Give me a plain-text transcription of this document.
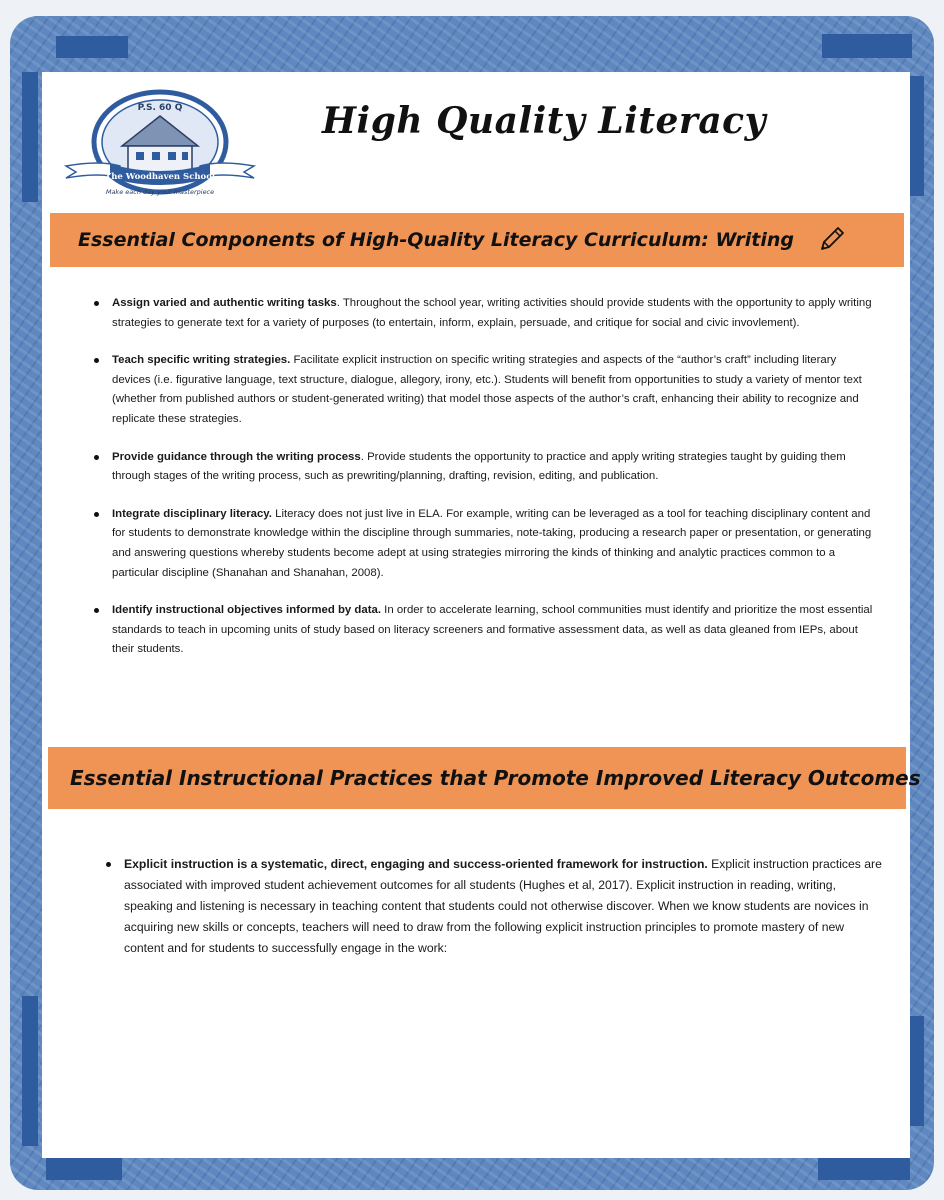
P.S. 60 Q
The Woodhaven School
Make each day your masterpiece
High Quality Literacy
Essential Components of High-Quality Literacy Curriculum: Writing
Assign varied and authentic writing tasks. Throughout the school year, writing activities should provide students with the opportunity to apply writing strategies to generate text for a variety of purposes (to entertain, inform, explain, persuade, and critique for social and civic invovlement).
Teach specific writing strategies. Facilitate explicit instruction on specific writing strategies and aspects of the “author’s craft” including literary devices (i.e. figurative language, text structure, dialogue, allegory, irony, etc.). Students will benefit from opportunities to study a variety of mentor text (whether from published authors or student-generated writing) that model those aspects of the author’s craft, enhancing their ability to recognize and replicate these strategies.
Provide guidance through the writing process. Provide students the opportunity to practice and apply writing strategies taught by guiding them through stages of the writing process, such as prewriting/planning, drafting, revision, editing, and publication.
Integrate disciplinary literacy. Literacy does not just live in ELA. For example, writing can be leveraged as a tool for teaching disciplinary content and for students to demonstrate knowledge within the discipline through summaries, note-taking, producing a research paper or presentation, or generating and answering questions whereby students become adept at using strategies mirroring the kinds of thinking and analytic practices common to a particular discipline (Shanahan and Shanahan, 2008).
Identify instructional objectives informed by data. In order to accelerate learning, school communities must identify and prioritize the most essential standards to teach in upcoming units of study based on literacy screeners and formative assessment data, as well as data gleaned from IEPs, about their students.
Essential Instructional Practices that Promote Improved Literacy Outcomes
Explicit instruction is a systematic, direct, engaging and success-oriented framework for instruction. Explicit instruction practices are associated with improved student achievement outcomes for all students (Hughes et al, 2017). Explicit instruction in reading, writing, speaking and listening is necessary in teaching content that students could not otherwise discover. When we know students are novices in acquiring new skills or concepts, teachers will need to draw from the following explicit instruction principles to promote mastery of new content and for students to successfully engage in the work:
